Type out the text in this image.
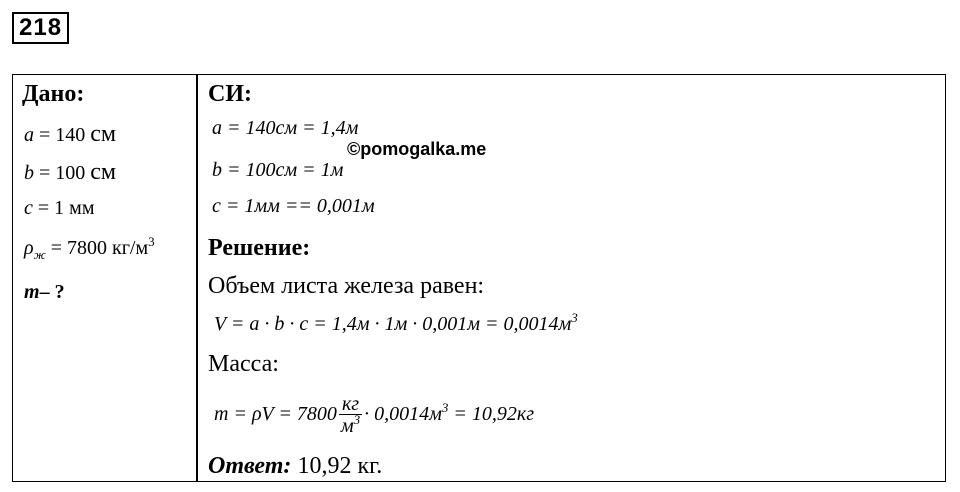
218
Дано:
a = 140 см
b = 100 см
c = 1 мм
$\rho_ж = 7800$ $кг/м^3$
m– ?
СИ:
a = 140см = 1,4м
©pomogalka.me
b = 100см = 1м
c = 1мм == 0,001м
Решение:
Объем листа железа равен:
$V = a \cdot b \cdot c = 1,4м \cdot 1м \cdot 0,001м = 0,0014м^3$
Масса:
$m = \rho V = 7800 \frac{кг}{м^3} \cdot 0,0014м^3 = 10,92кг$
Ответ: 10,92 кг.
